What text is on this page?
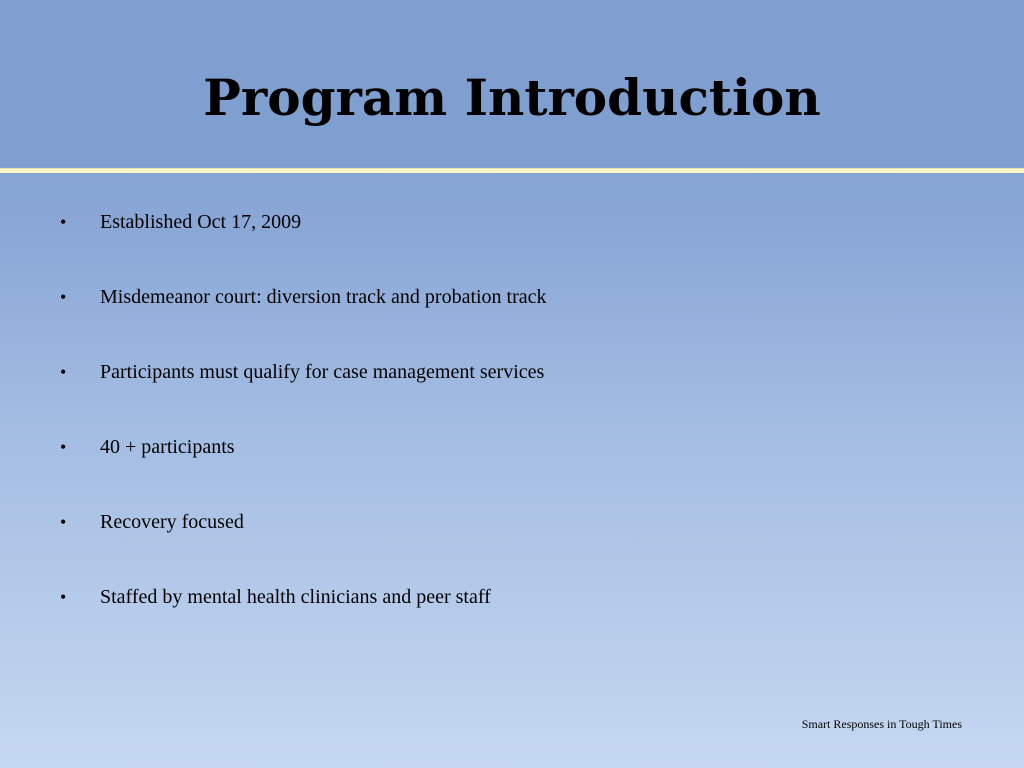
Program Introduction
•	Established Oct 17, 2009
•	Misdemeanor court: diversion track and probation track
•	Participants must qualify for case management services
•	40 + participants
•	Recovery focused
•	Staffed by mental health clinicians and peer staff
Smart Responses in Tough Times
